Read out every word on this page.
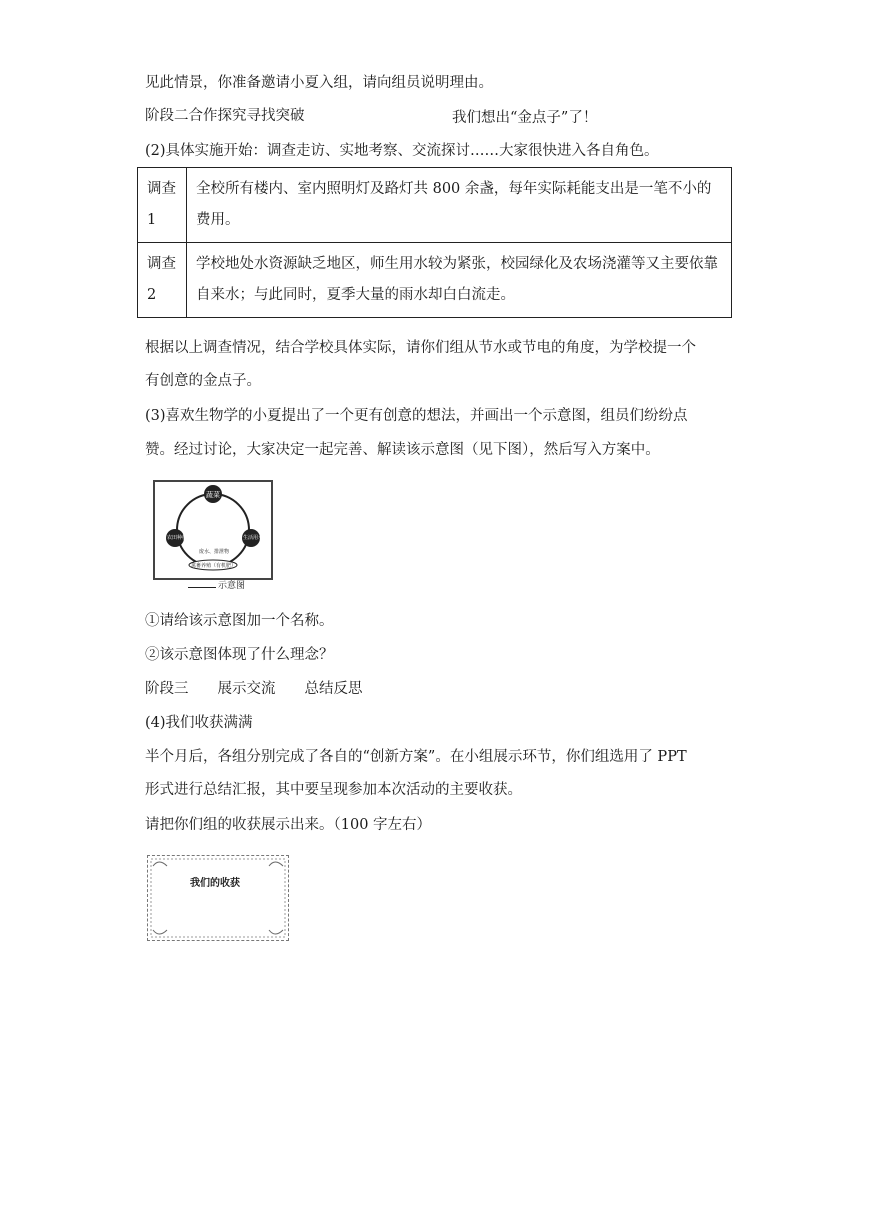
见此情景，你准备邀请小夏入组，请向组员说明理由。
阶段二合作探究寻找突破	我们想出“金点子”了！
(2)具体实施开始：调查走访、实地考察、交流探讨……大家很快进入各自角色。
调查1	全校所有楼内、室内照明灯及路灯共 800 余盏，每年实际耗能支出是一笔不小的费用。
调查2	学校地处水资源缺乏地区，师生用水较为紧张，校园绿化及农场浇灌等又主要依靠自来水；与此同时，夏季大量的雨水却白白流走。
根据以上调查情况，结合学校具体实际，请你们组从节水或节电的角度，为学校提一个
有创意的金点子。
(3)喜欢生物学的小夏提出了一个更有创意的想法，并画出一个示意图，组员们纷纷点
赞。经过讨论，大家决定一起完善、解读该示意图（见下图），然后写入方案中。
蔬菜
农田种植	生活用水
禽畜养殖（有机肥）
废水、排泄物
示意图
①请给该示意图加一个名称。
②该示意图体现了什么理念？
阶段三　　展示交流　　总结反思
(4)我们收获满满
半个月后，各组分别完成了各自的“创新方案”。在小组展示环节，你们组选用了 PPT
形式进行总结汇报，其中要呈现参加本次活动的主要收获。
请把你们组的收获展示出来。（100 字左右）
我们的收获
